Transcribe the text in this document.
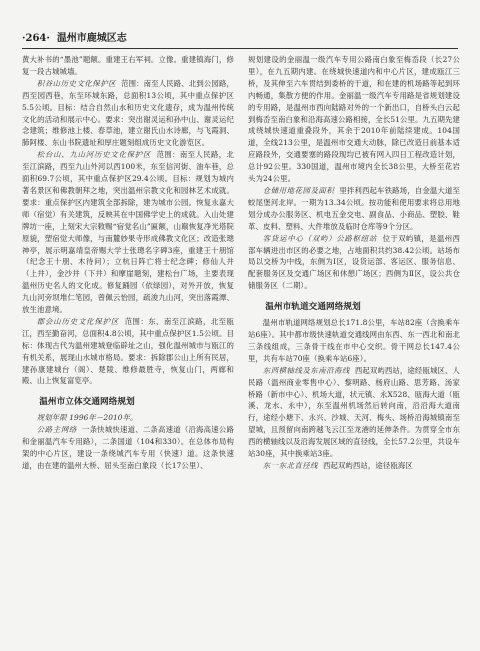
·264· 温州市鹿城区志

黄大补书的“墨池”题额。重建王右军祠。立像。重建镇海门，修复一段古城城墙。

积谷山历史文化保护区 范围：南至人民路、北到公园路，西至园西巷，东至环城东路，总面积13公顷，其中重点保护区5.5公顷。目标：结合自然山水和历史文化遗存，成为温州传统文化的活动和展示中心。要求：突出谢灵运和孙中山、谢灵运纪念建筑；维修池上楼、春草池，建立谢氏山水诗廊，与飞霞洞、肺阿楼、东山书院遗址和厚庄题刻组成历史文化游览区。

松台山、九山河历史文化保护区 范围：南至人民路，北至江滨路，西至九山外河以西100米，东至信河街、油车巷，总面积69.7公顷，其中重点保护区29.4公顷。目标：规划为城内著名景区和佛教朝拜之地，突出温州宗教文化和园林艺术成就。要求：重点保护区内建筑全部拆除，建为城市公园。恢复永嘉大师（宿觉）有关建筑，反映其在中国佛学史上的成就。入山处建牌坊一座，上刻宋大宗敕赐“宿觉名山”匾额，山巅恢复净光塔院原貌，塑宿觉大师像，与南麓妙果寺形成佛教文化区；改造张璁神亭，展示明嘉靖皇帝赐大学士张璁名字碑3座，重建王十朋馆（纪念王十朋、木待问）；立杭日阵亡将士纪念碑；修仙人井（上井），金沙井（下井）和摩崖题刻，建松台广场，主要表现温州历史名人的文化成。修复踊园（依绿园），对外开放，恢复九山河旁坝堆仁笔园，曾佩云怡园，疏浚九山河，突出落霞潭、放生池意境。

郡会山历史文化保护区 范围：东、南至江滨路，北至瓯江，西至勤奋河，总面积4.8公顷，其中重点保护区1.5公顷。目标：体现古代为温州建城登临辟址之山，强化温州城市与瓯江的有机关系，展现山水城市格局。要求：拆除郡公山上所有民居，建孙康建城台（阁）、楚陵、维修最胜寺，恢复山门，两廊和殿、山上恢复富览亭。

温州市立体交通网络规划

规划年限 1996年－2010年。

公路主网络 一条快城快速道、二条高速道（沿海高速公路和金丽温汽车专用路），二条国道（104和330）。在总体布局构架的中心片区，建设一条绕城汽车专用（快速）道。这条快速道，由在建的温州大桥、屈头至南白象段（长17公里）、

规划建设的金丽温一级汽车专用公路南白象至梅岙段（长27公里），在九五期内建。在绕城快速道内和中心片区，建成瓯江三桥，及其伸至六车贯结到委桥的干道，和在建的机场路等起到环内畅通，集散方便的作用。金丽温一级汽车专用路是省规划建设的专用路，是温州市西向陆路对外的一个新出口，自桥头白云起到梅岙至南白象和沿海高速公路相接，全长51公里。九五期先建成绕城快速道重叠段外，其余于2010年前陆续建成。104国道，全线213公里，是温州市交通大动脉，除已改造日前基本适应路段外，交通要塞的路段现均已被有网入四日工程改造计划，总计92公里。330国道，温州市境内全长38公里，大桥至花岩头为24公里。

仓储用地花园及面积 里拌利西起车铁路场，自金温大道至蛟尾堡河北岸。一期为13.34公顷。按功能和使用要求将总用地划分成办公服务区、机电五金交电、副食品、小商品、塑胶、鞋革、皮料、塑料、大件堆放及临时仓库等9个分区。

客货运中心（双屿）公路枢纽站 位于双屿镇，是温州西部车辆进出市区的必要之地，占地面积共约38.42公顷。站场布局以交桥为中线，东侧为Ⅰ区，设货运部、客运区、服务信息、配套服务区及交通广场区和休憩广场区；西侧为Ⅱ区，设公共仓储服务区（二期）。

温州市轨道交通网络规划

温州市轨道网络规划总长171.8公里，车站82座（含换乘车站6座）。其中都市级快速轨道交通线网由东西、东一西北和南北三条线组成，三条骨干线在市中心交织。骨干网总长147.4公里，共有车站70座（换乘车站6座）。

东西横轴线及东南沿海线 西起双屿西站，途经瓯城区、人民路（温州商业零售中心）、黎明路、杨府山路、思芳路、汤家桥路（新市中心）、机场大道，状元镇、永X528、瓯海大道（瓯溪、龙水、永中），东至温州机场然后转向南，沿沿海大道南行，途经小塘下、永兴、沙城、天河、梅头、场桥沿海城镇南至望城，且预留向南跨越飞云江至龙港的延伸条件。为贯穿全市东西的横轴线以及沿海发展区域的直径线，全长57.2公里，共设车站30座，其中换乘站3座。

东一东北直径线 西起双屿西站，途径瓯海区
